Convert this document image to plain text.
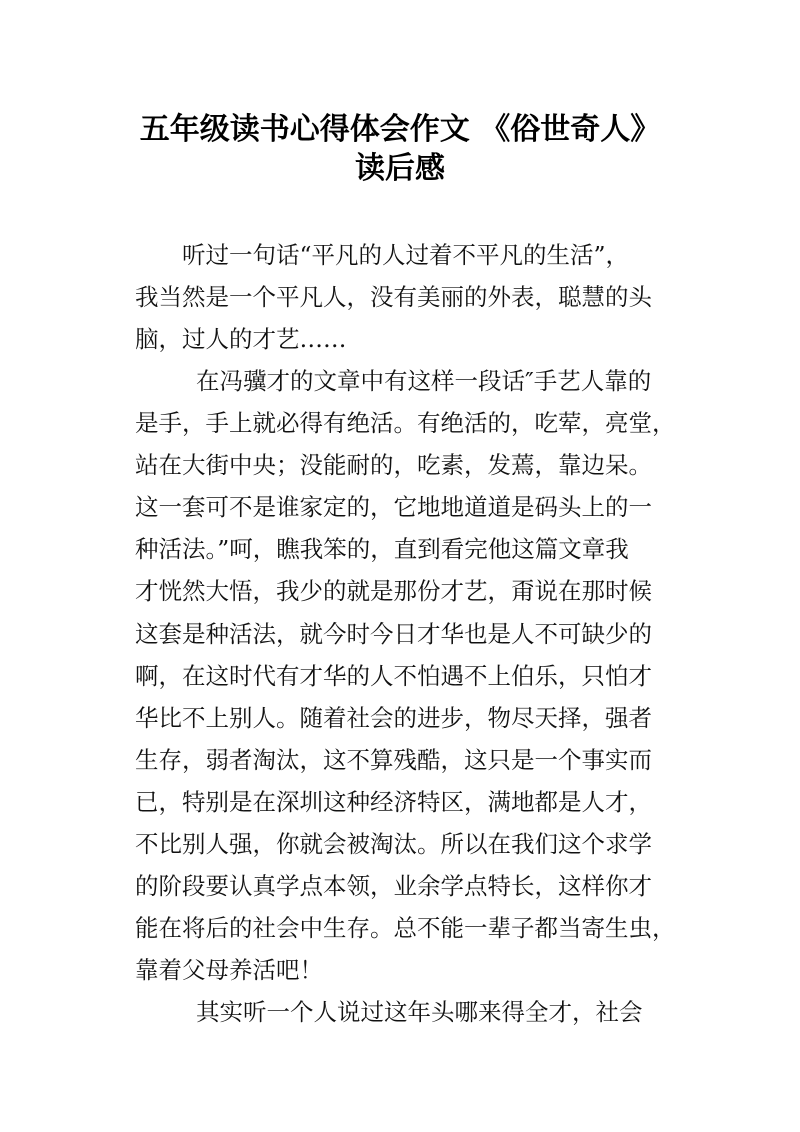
五年级读书心得体会作文 《俗世奇人》
读后感
听过一句话“平凡的人过着不平凡的生活”，
我当然是一个平凡人，没有美丽的外表，聪慧的头
脑，过人的才艺……
在冯骥才的文章中有这样一段话″手艺人靠的
是手，手上就必得有绝活。有绝活的，吃荤，亮堂，
站在大街中央；没能耐的，吃素，发蔫，靠边呆。
这一套可不是谁家定的，它地地道道是码头上的一
种活法。”呵，瞧我笨的，直到看完他这篇文章我
才恍然大悟，我少的就是那份才艺，甭说在那时候
这套是种活法，就今时今日才华也是人不可缺少的
啊，在这时代有才华的人不怕遇不上伯乐，只怕才
华比不上别人。随着社会的进步，物尽天择，强者
生存，弱者淘汰，这不算残酷，这只是一个事实而
已，特别是在深圳这种经济特区，满地都是人才，
不比别人强，你就会被淘汰。所以在我们这个求学
的阶段要认真学点本领，业余学点特长，这样你才
能在将后的社会中生存。总不能一辈子都当寄生虫，
靠着父母养活吧！
其实听一个人说过这年头哪来得全才，社会
